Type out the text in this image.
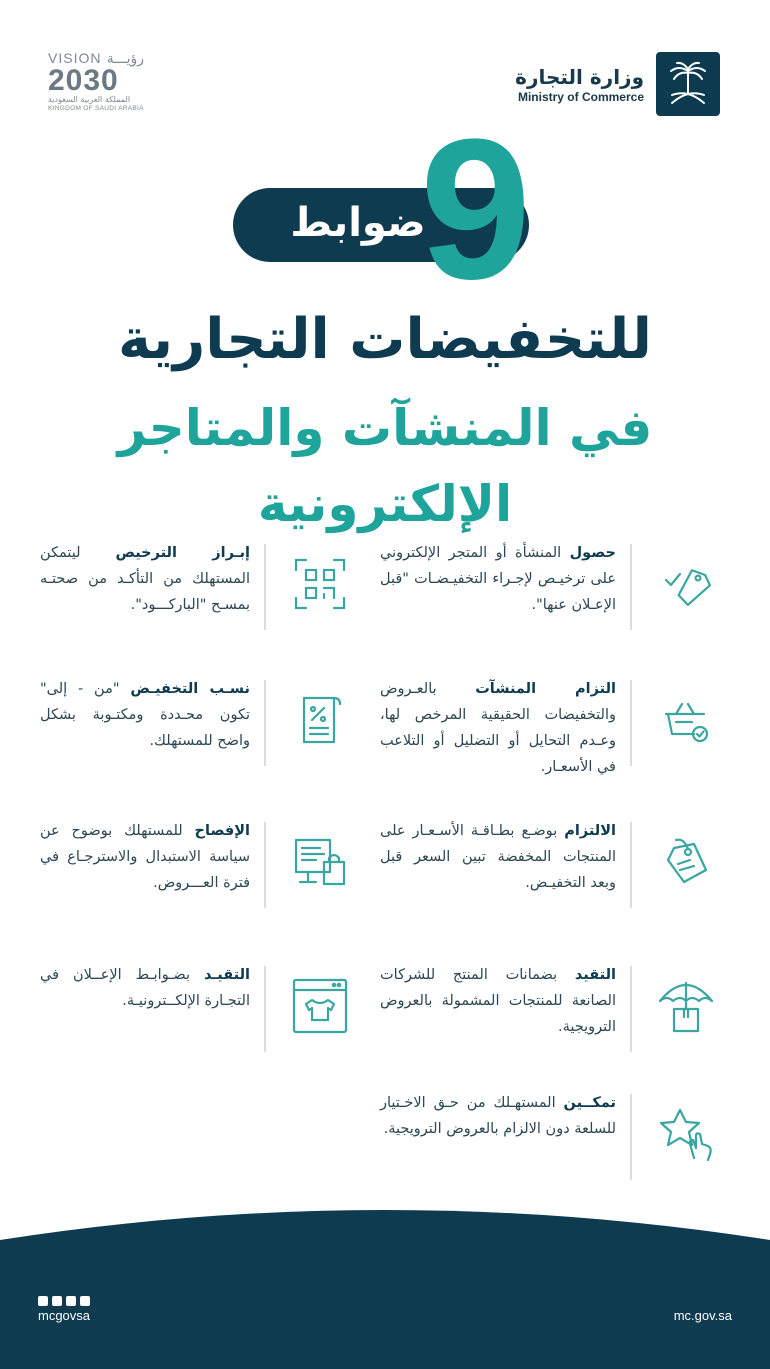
VISION رؤيـــة
2030
المملكة العربية السعودية
KINGDOM OF SAUDI ARABIA
وزارة التجارة
Ministry of Commerce
ضوابط
9
للتخفيضات التجارية
في المنشآت والمتاجر الإلكترونية
حصول المنشأة أو المتجر الإلكتروني على ترخيـص لإجـراء التخفيـضـات "قبل الإعـلان عنها".
إبـراز الترخيص ليتمكن المستهلك من التأكـد من صحتـه بمسـح "الباركـــود".
التزام المنشآت بالعـروض والتخفيضات الحقيقية المرخص لها، وعـدم التحايل أو التضليل أو التلاعب في الأسعـار.
نسـب التخفيـض "من - إلى" تكون محـددة ومكتـوبة بشكل واضح للمستهلك.
الالتزام بوضـع بطـاقـة الأسـعـار على المنتجات المخفضة تبين السعر قبل وبعد التخفيـض.
الإفصاح للمستهلك بوضوح عن سياسة الاستبدال والاسترجـاع في فترة العـــروض.
التقيد بضمانات المنتج للشركات الصانعة للمنتجات المشمولة بالعروض الترويجية.
التقيـد بضـوابـط الإعــلان في التجـارة الإلكــترونيـة.
تمكــين المستهـلك من حـق الاخـتيار للسلعة دون الالزام بالعروض الترويجية.
mcgovsa	mc.gov.sa
